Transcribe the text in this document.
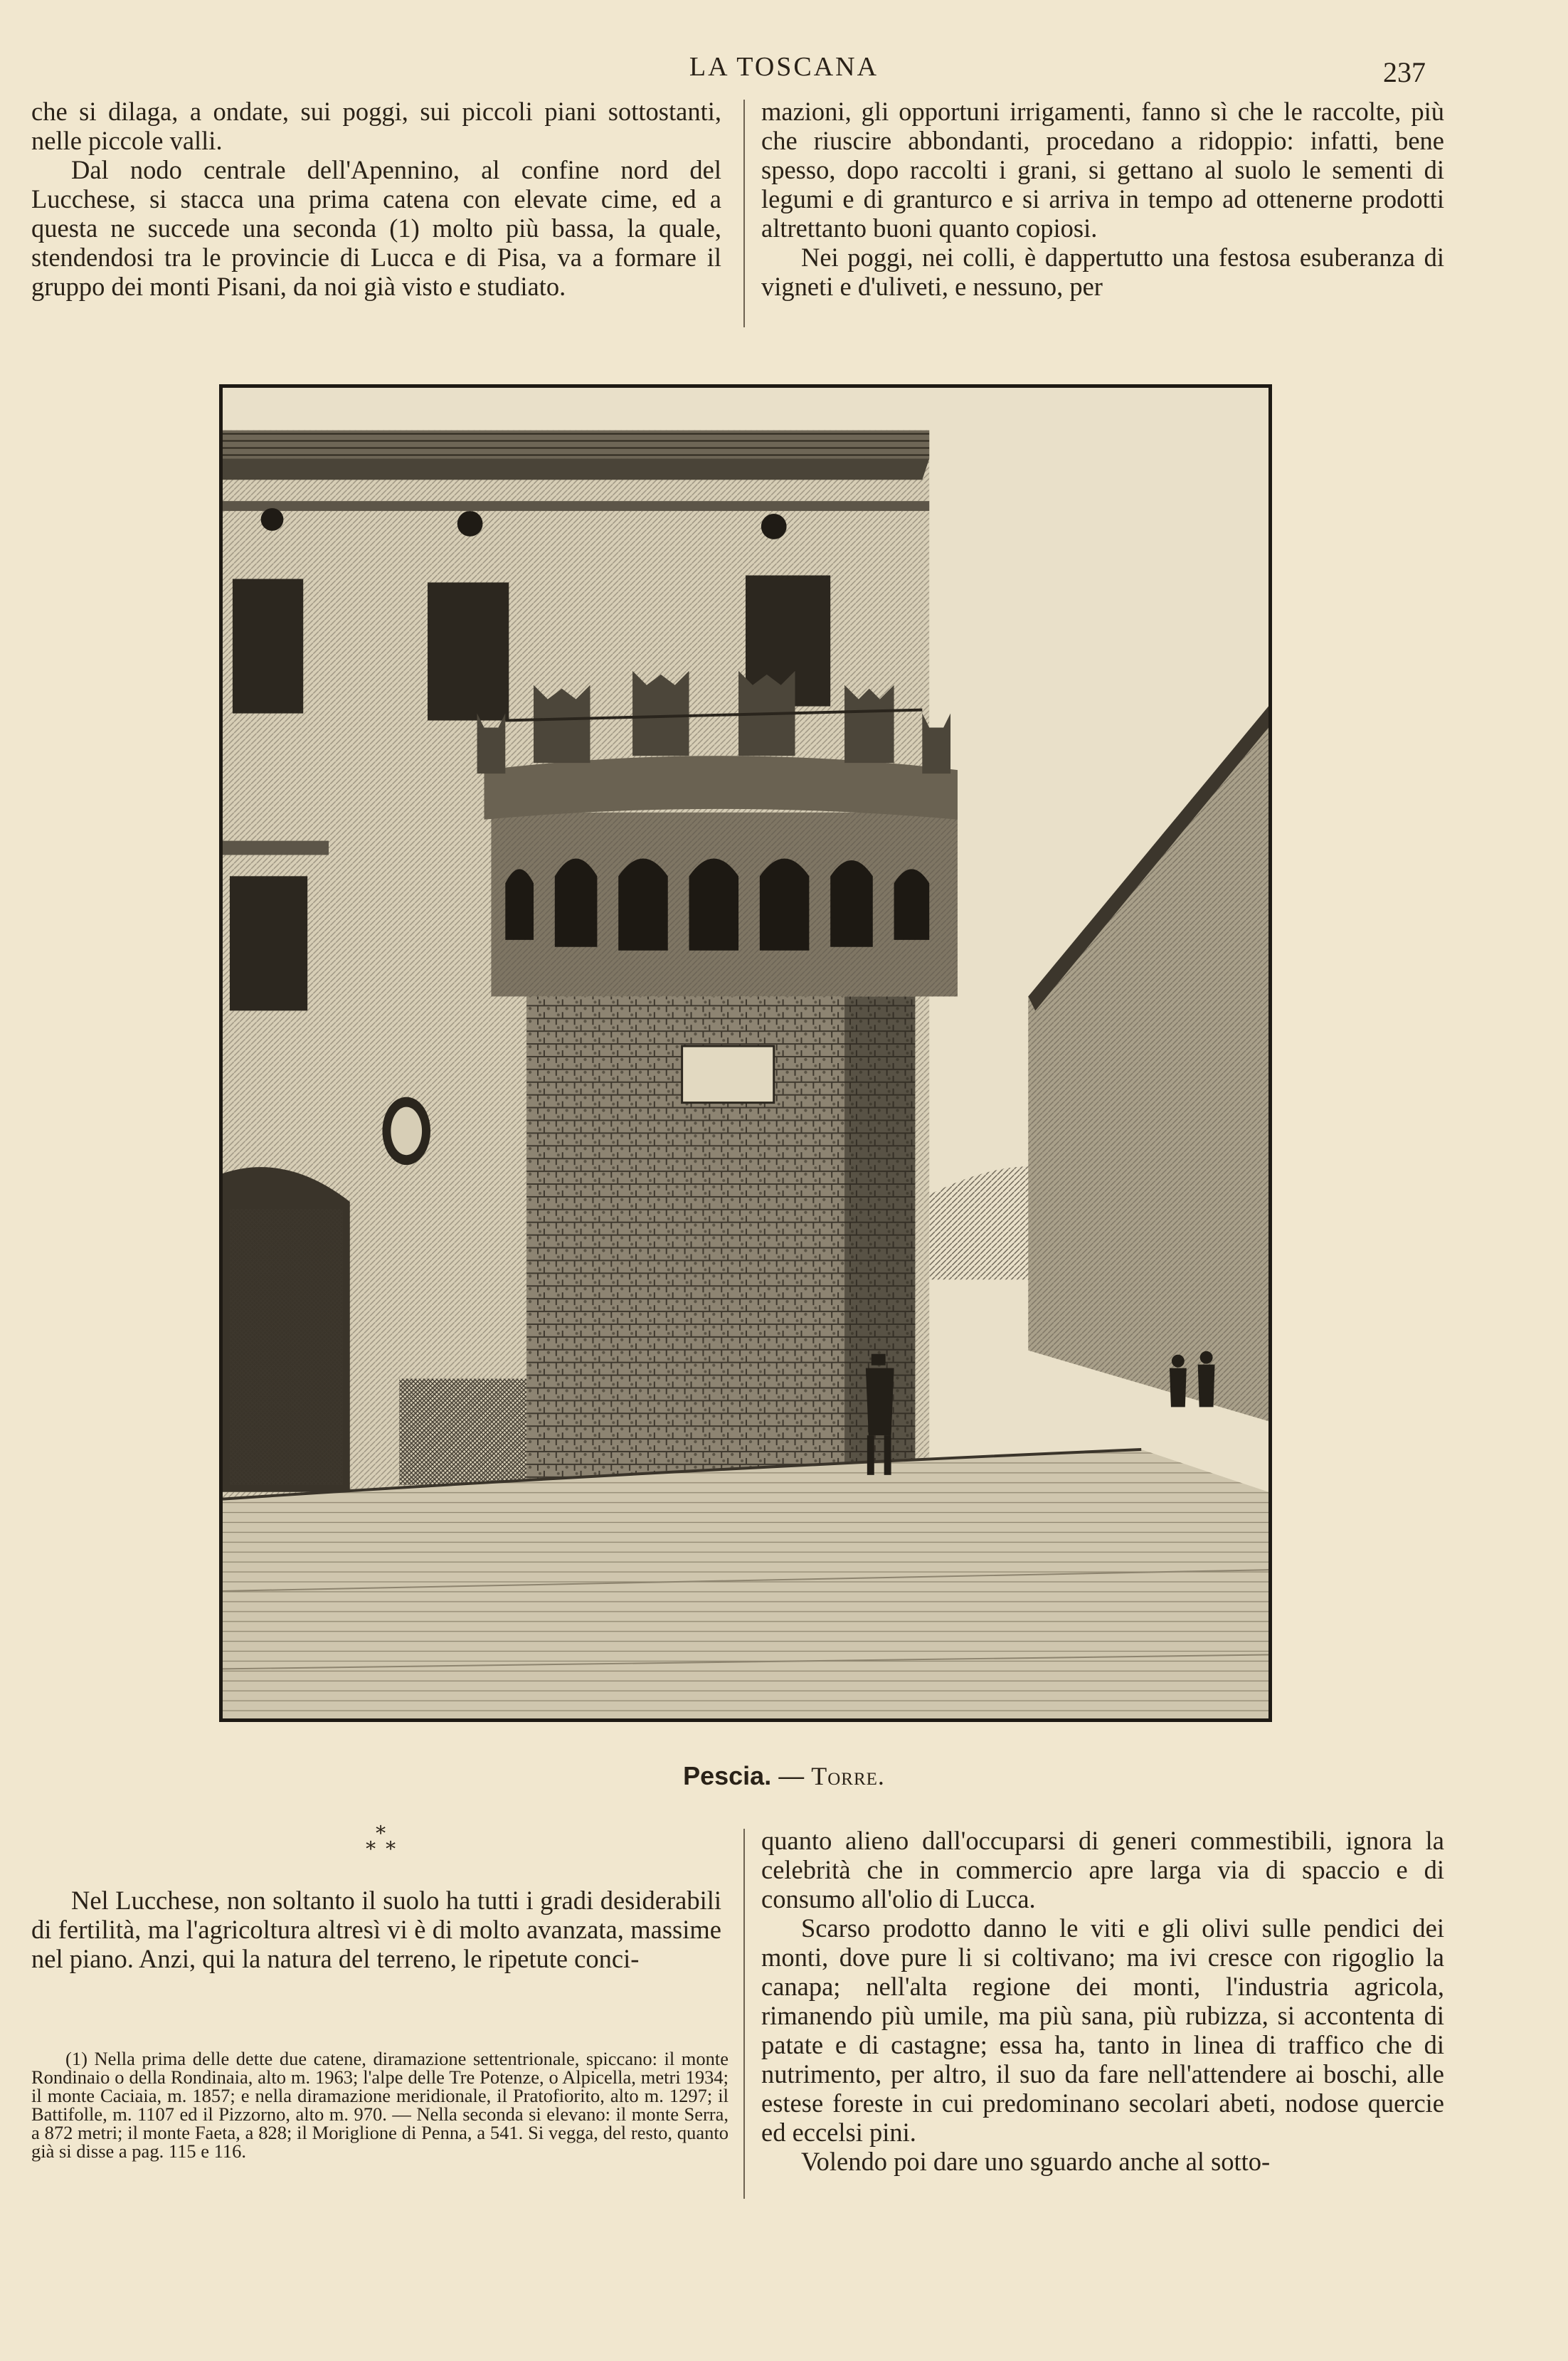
LA TOSCANA	237

che si dilaga, a ondate, sui poggi, sui piccoli piani sottostanti, nelle piccole valli.

Dal nodo centrale dell'Apennino, al confine nord del Lucchese, si stacca una prima catena con elevate cime, ed a questa ne succede una seconda (1) molto più bassa, la quale, stendendosi tra le provincie di Lucca e di Pisa, va a formare il gruppo dei monti Pisani, da noi già visto e studiato.

mazioni, gli opportuni irrigamenti, fanno sì che le raccolte, più che riuscire abbondanti, procedano a ridoppio: infatti, bene spesso, dopo raccolti i grani, si gettano al suolo le sementi di legumi e di granturco e si arriva in tempo ad ottenerne prodotti altrettanto buoni quanto copiosi.

Nei poggi, nei colli, è dappertutto una festosa esuberanza di vigneti e d'uliveti, e nessuno, per

Pescia. — Torre.
∗
∗ ∗

Nel Lucchese, non soltanto il suolo ha tutti i gradi desiderabili di fertilità, ma l'agricoltura altresì vi è di molto avanzata, massime nel piano. Anzi, qui la natura del terreno, le ripetute conci-

quanto alieno dall'occuparsi di generi commestibili, ignora la celebrità che in commercio apre larga via di spaccio e di consumo all'olio di Lucca.

Scarso prodotto danno le viti e gli olivi sulle pendici dei monti, dove pure li si coltivano; ma ivi cresce con rigoglio la canapa; nell'alta regione dei monti, l'industria agricola, rimanendo più umile, ma più sana, più rubizza, si accontenta di patate e di castagne; essa ha, tanto in linea di traffico che di nutrimento, per altro, il suo da fare nell'attendere ai boschi, alle estese foreste in cui predominano secolari abeti, nodose quercie ed eccelsi pini.

Volendo poi dare uno sguardo anche al sotto-

(1) Nella prima delle dette due catene, diramazione settentrionale, spiccano: il monte Rondinaio o della Rondinaia, alto m. 1963; l'alpe delle Tre Potenze, o Alpicella, metri 1934; il monte Caciaia, m. 1857; e nella diramazione meridionale, il Pratofiorito, alto m. 1297; il Battifolle, m. 1107 ed il Pizzorno, alto m. 970. — Nella seconda si elevano: il monte Serra, a 872 metri; il monte Faeta, a 828; il Moriglione di Penna, a 541. Si vegga, del resto, quanto già si disse a pag. 115 e 116.
